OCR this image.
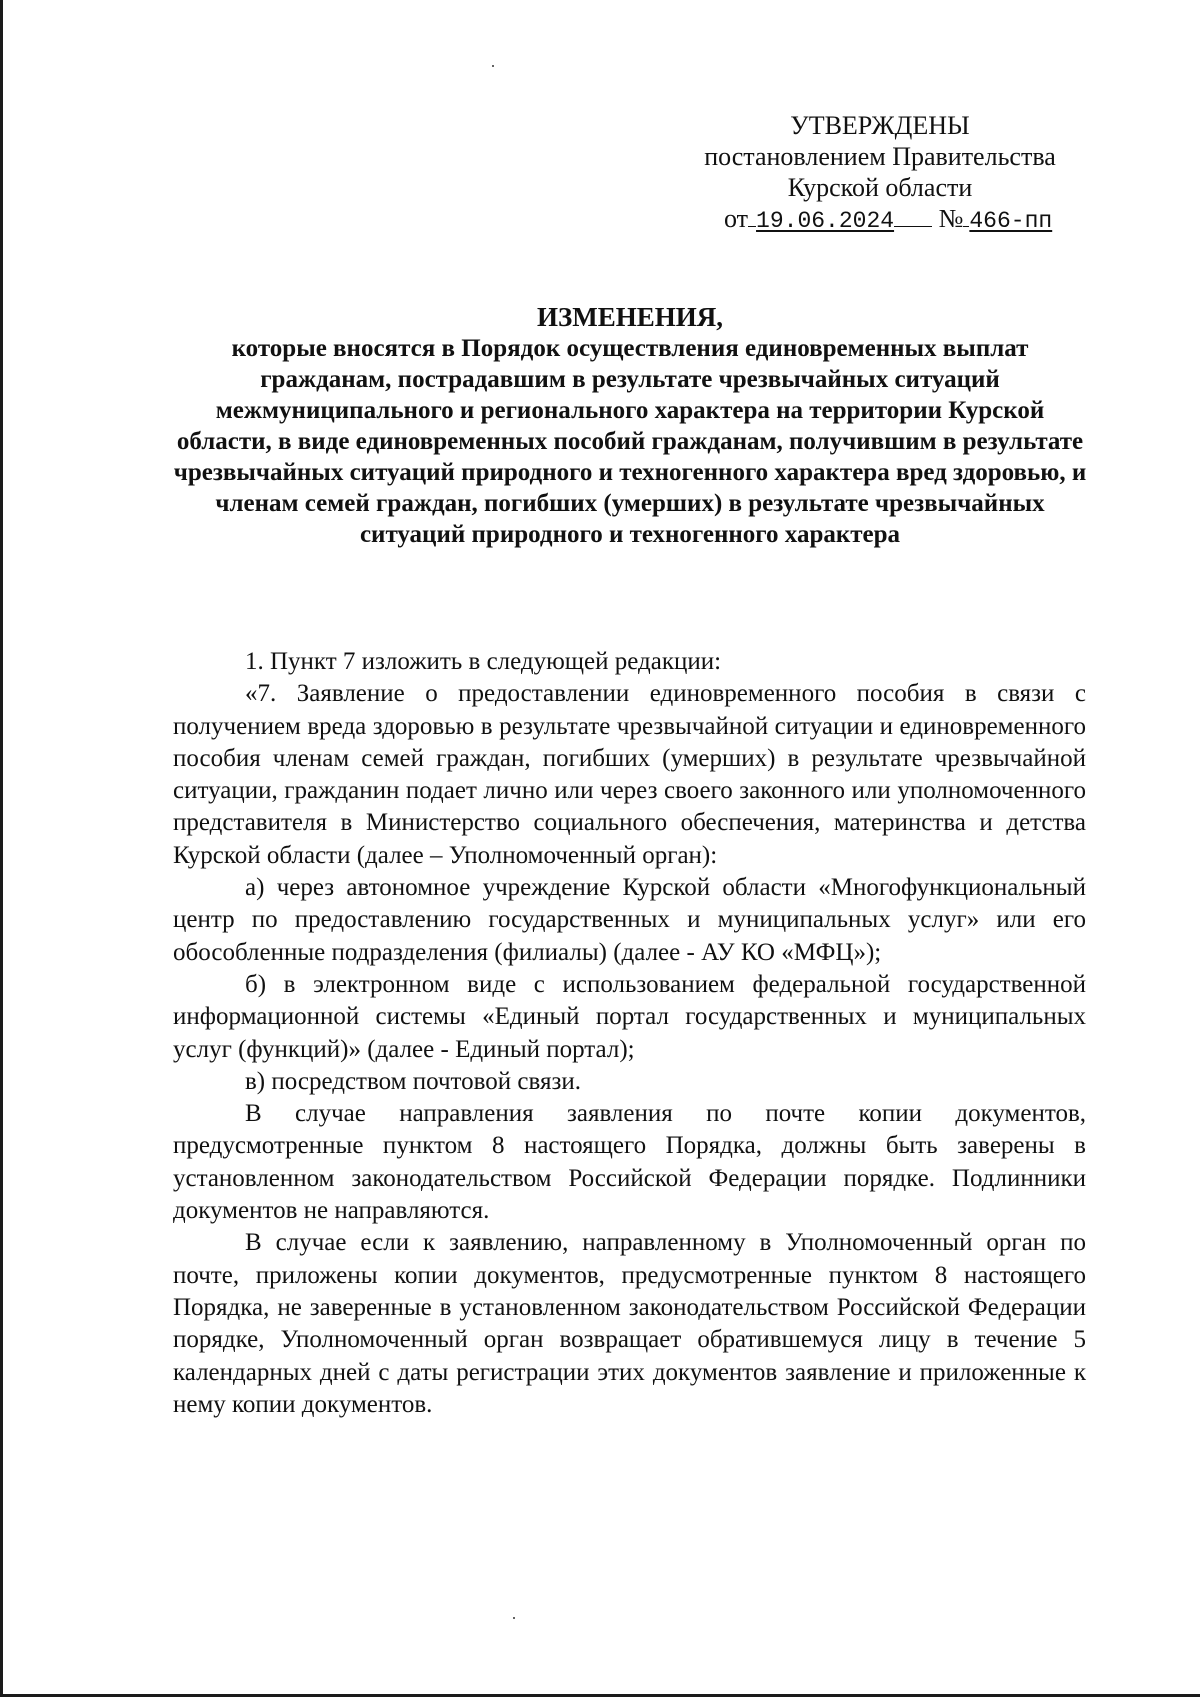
УТВЕРЖДЕНЫ
постановлением Правительства
Курской области
от 19.06.2024 № 466-пп
ИЗМЕНЕНИЯ,
которые вносятся в Порядок осуществления единовременных выплат гражданам, пострадавшим в результате чрезвычайных ситуаций межмуниципального и регионального характера на территории Курской области, в виде единовременных пособий гражданам, получившим в результате чрезвычайных ситуаций природного и техногенного характера вред здоровью, и членам семей граждан, погибших (умерших) в результате чрезвычайных ситуаций природного и техногенного характера

1. Пункт 7 изложить в следующей редакции:

«7. Заявление о предоставлении единовременного пособия в связи с получением вреда здоровью в результате чрезвычайной ситуации и единовременного пособия членам семей граждан, погибших (умерших) в результате чрезвычайной ситуации, гражданин подает лично или через своего законного или уполномоченного представителя в Министерство социального обеспечения, материнства и детства Курской области (далее – Уполномоченный орган):

а) через автономное учреждение Курской области «Многофункциональный центр по предоставлению государственных и муниципальных услуг» или его обособленные подразделения (филиалы) (далее - АУ КО «МФЦ»);

б) в электронном виде с использованием федеральной государственной информационной системы «Единый портал государственных и муниципальных услуг (функций)» (далее - Единый портал);

в) посредством почтовой связи.

В случае направления заявления по почте копии документов, предусмотренные пунктом 8 настоящего Порядка, должны быть заверены в установленном законодательством Российской Федерации порядке. Подлинники документов не направляются.

В случае если к заявлению, направленному в Уполномоченный орган по почте, приложены копии документов, предусмотренные пунктом 8 настоящего Порядка, не заверенные в установленном законодательством Российской Федерации порядке, Уполномоченный орган возвращает обратившемуся лицу в течение 5 календарных дней с даты регистрации этих документов заявление и приложенные к нему копии документов.
